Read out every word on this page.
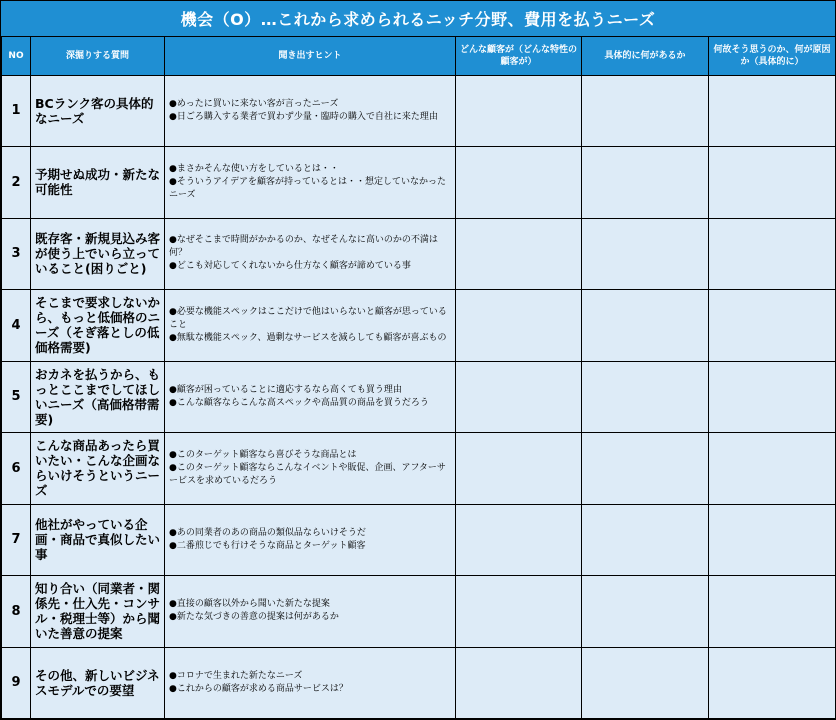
機会（O）…これから求められるニッチ分野、費用を払うニーズ
NO	深掘りする質問	聞き出すヒント	どんな顧客が（どんな特性の顧客が）	具体的に何があるか	何故そう思うのか、何が原因か（具体的に）
1	BCランク客の具体的なニーズ	●めったに買いに来ない客が言ったニーズ
●日ごろ購入する業者で買わず少量・臨時の購入で自社に来た理由			

2	予期せぬ成功・新たな可能性	●まさかそんな使い方をしているとは・・
●そういうアイデアを顧客が持っているとは・・想定していなかったニーズ			

3	既存客・新規見込み客が使う上でいら立っていること(困りごと)	●なぜそこまで時間がかかるのか、なぜそんなに高いのかの不満は何？
●どこも対応してくれないから仕方なく顧客が諦めている事			

4	そこまで要求しないから、もっと低価格のニーズ（そぎ落としの低価格需要)	●必要な機能スペックはここだけで他はいらないと顧客が思っていること
●無駄な機能スペック、過剰なサービスを減らしても顧客が喜ぶもの			

5	おカネを払うから、もっとここまでしてほしいニーズ（高価格帯需要)	●顧客が困っていることに適応するなら高くても買う理由
●こんな顧客ならこんな高スペックや高品質の商品を買うだろう			

6	こんな商品あったら買いたい・こんな企画ならいけそうというニーズ	●このターゲット顧客なら喜びそうな商品とは
●このターゲット顧客ならこんなイベントや販促、企画、アフターサービスを求めているだろう			

7	他社がやっている企画・商品で真似したい事	●あの同業者のあの商品の類似品ならいけそうだ
●二番煎じでも行けそうな商品とターゲット顧客			

8	知り合い（同業者・関係先・仕入先・コンサル・税理士等）から聞いた善意の提案	●直接の顧客以外から聞いた新たな提案
●新たな気づきの善意の提案は何があるか			

9	その他、新しいビジネスモデルでの要望	●コロナで生まれた新たなニーズ
●これからの顧客が求める商品サービスは？			
